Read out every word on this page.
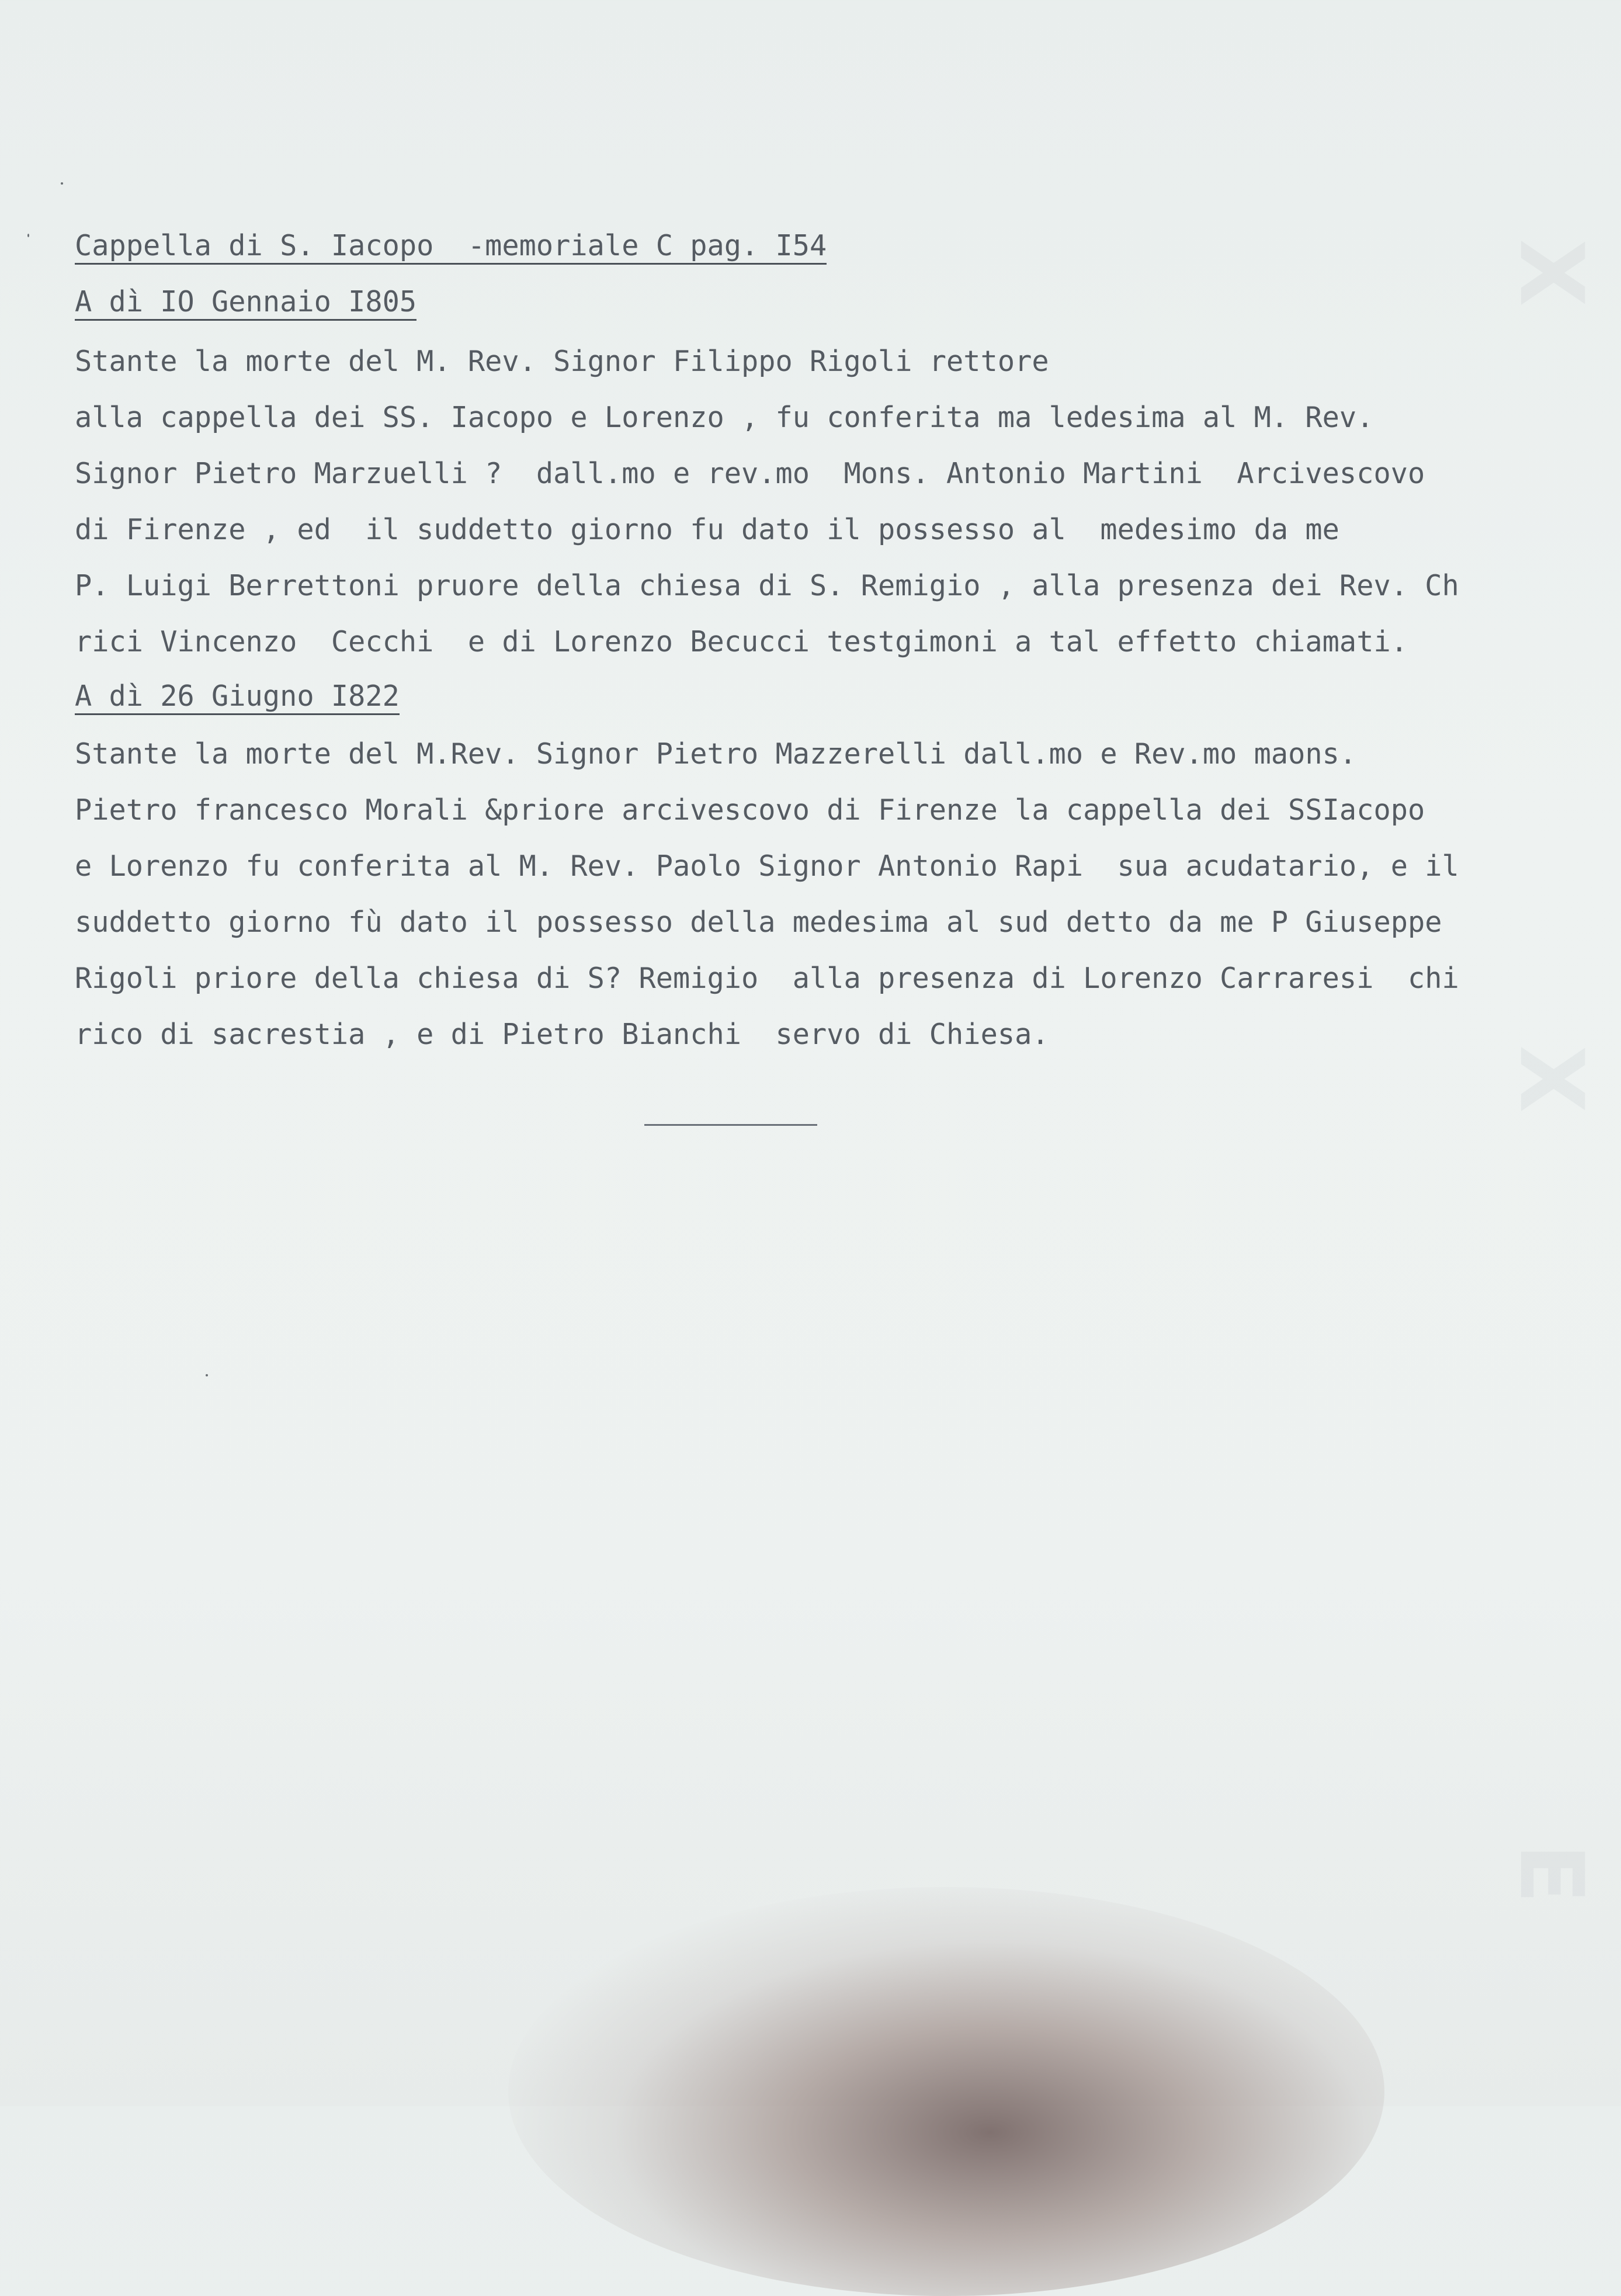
X
X
E

Cappella di S. Iacopo  -memoriale C pag. I54

A dì IO Gennaio I805

Stante la morte del M. Rev. Signor Filippo Rigoli rettore

alla cappella dei SS. Iacopo e Lorenzo , fu conferita ma ledesima al M. Rev.

Signor Pietro Marzuelli ?  dall.mo e rev.mo  Mons. Antonio Martini  Arcivescovo

di Firenze , ed  il suddetto giorno fu dato il possesso al  medesimo da me

P. Luigi Berrettoni pruore della chiesa di S. Remigio , alla presenza dei Rev. Ch

rici Vincenzo  Cecchi  e di Lorenzo Becucci testgimoni a tal effetto chiamati.

A dì 26 Giugno I822

Stante la morte del M.Rev. Signor Pietro Mazzerelli dall.mo e Rev.mo maons.

Pietro francesco Morali &priore arcivescovo di Firenze la cappella dei SSIacopo

e Lorenzo fu conferita al M. Rev. Paolo Signor Antonio Rapi  sua acudatario, e il

suddetto giorno fù dato il possesso della medesima al sud detto da me P Giuseppe

Rigoli priore della chiesa di S? Remigio  alla presenza di Lorenzo Carraresi  chi

rico di sacrestia , e di Pietro Bianchi  servo di Chiesa.
